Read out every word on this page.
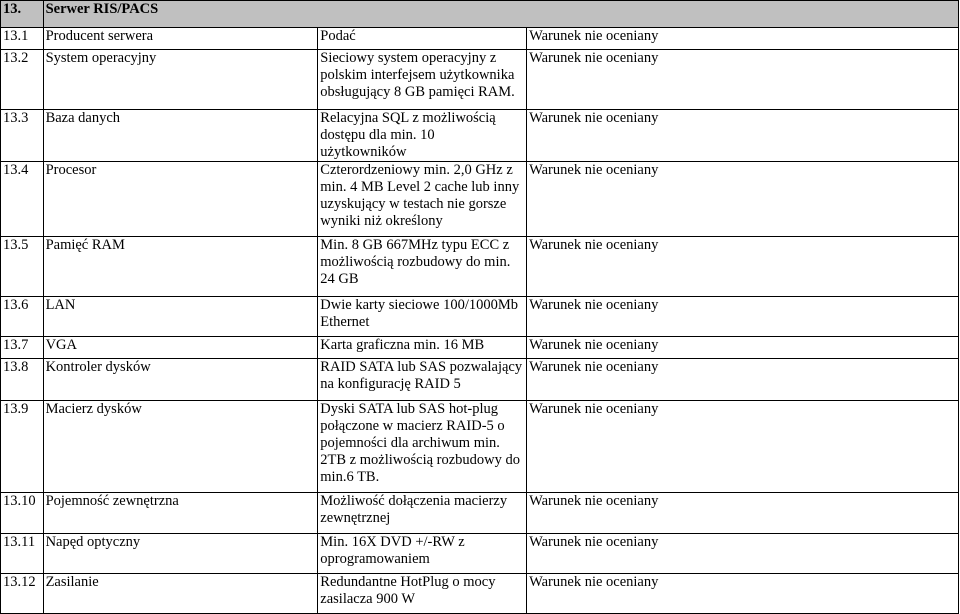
13.	Serwer RIS/PACS		
13.1	Producent serwera	Podać	Warunek nie oceniany
13.2	System operacyjny	Sieciowy system operacyjny z polskim interfejsem użytkownika obsługujący 8 GB pamięci RAM.	Warunek nie oceniany
13.3	Baza danych	Relacyjna SQL z możliwością dostępu dla min. 10 użytkowników	Warunek nie oceniany
13.4	Procesor	Czterordzeniowy min. 2,0 GHz z min. 4 MB Level 2 cache lub inny uzyskujący w testach nie gorsze wyniki niż określony	Warunek nie oceniany
13.5	Pamięć RAM	Min. 8 GB 667MHz typu ECC z możliwością rozbudowy do min. 24 GB	Warunek nie oceniany
13.6	LAN	Dwie karty sieciowe 100/1000Mb Ethernet	Warunek nie oceniany
13.7	VGA	Karta graficzna min. 16 MB	Warunek nie oceniany
13.8	Kontroler dysków	RAID SATA lub SAS pozwalający na konfigurację RAID 5	Warunek nie oceniany
13.9	Macierz dysków	Dyski SATA lub SAS hot-plug połączone w macierz RAID-5 o pojemności dla archiwum min. 2TB z możliwością rozbudowy do min.6 TB.	Warunek nie oceniany
13.10	Pojemność zewnętrzna	Możliwość dołączenia macierzy zewnętrznej	Warunek nie oceniany
13.11	Napęd optyczny	Min. 16X DVD +/-RW z oprogramowaniem	Warunek nie oceniany
13.12	Zasilanie	Redundantne HotPlug o mocy zasilacza 900 W	Warunek nie oceniany
